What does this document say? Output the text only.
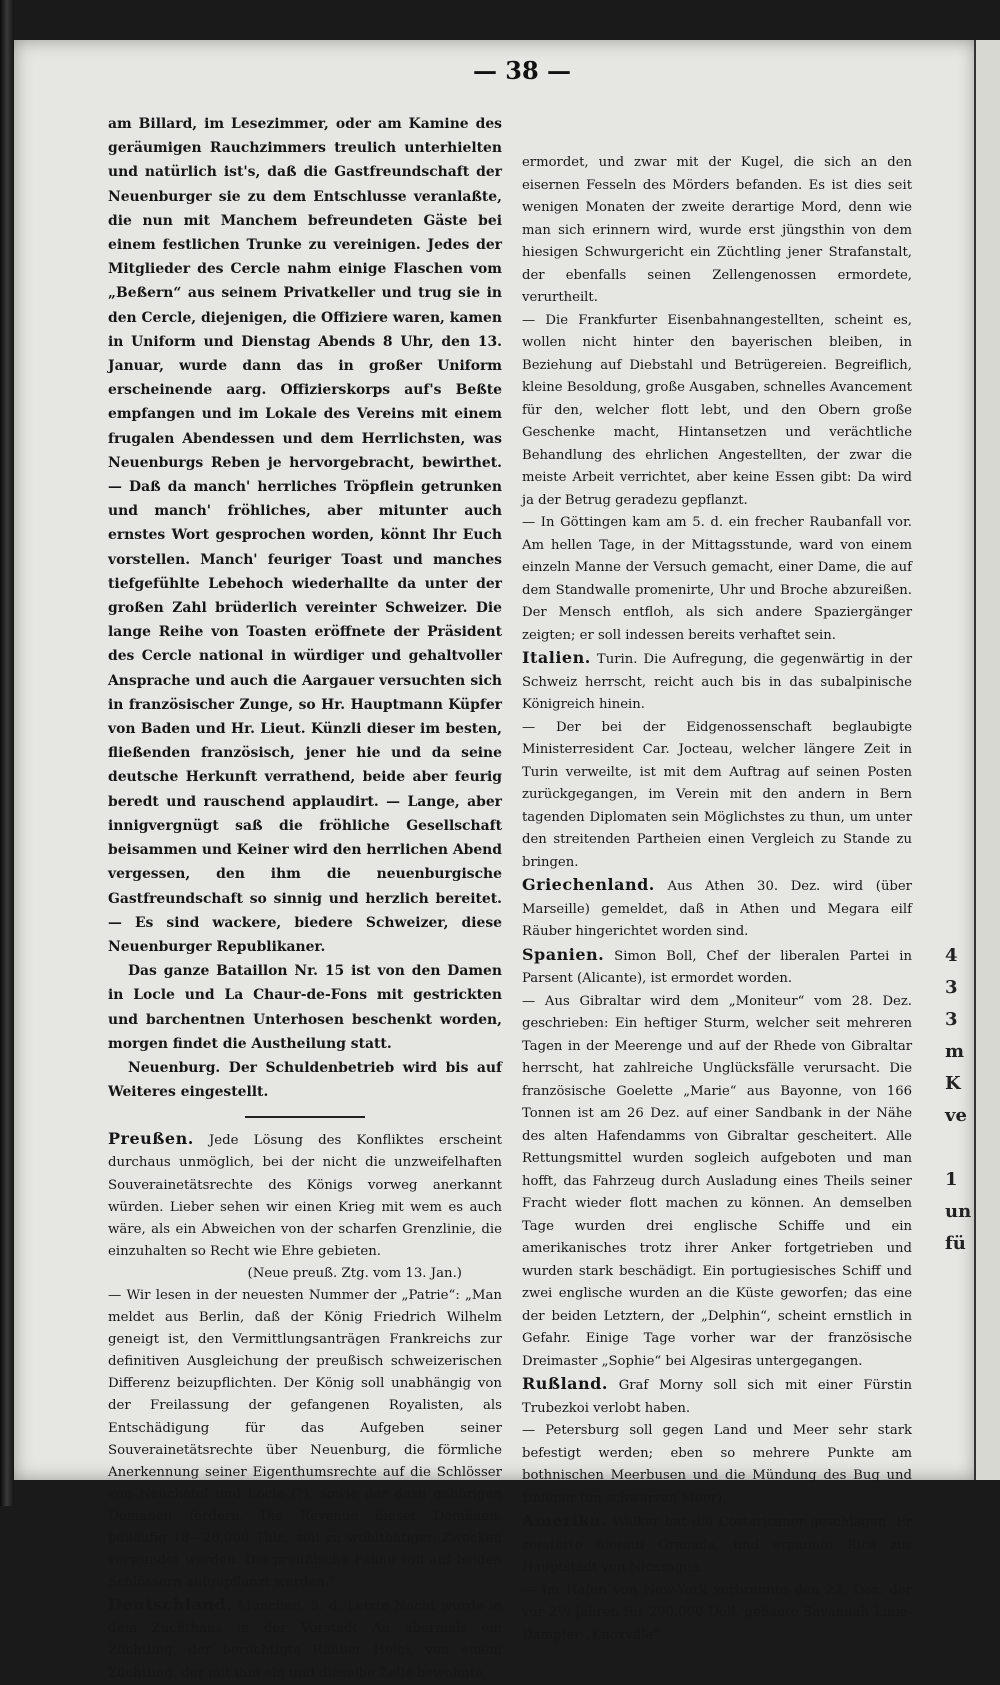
— 38 —

am Billard, im Lesezimmer, oder am Kamine des geräumigen Rauchzimmers treulich unterhielten und natürlich ist's, daß die Gastfreundschaft der Neuenburger sie zu dem Entschlusse veranlaßte, die nun mit Manchem befreundeten Gäste bei einem festlichen Trunke zu vereinigen. Jedes der Mitglieder des Cercle nahm einige Flaschen vom „Beßern“ aus seinem Privatkeller und trug sie in den Cercle, diejenigen, die Offiziere waren, kamen in Uniform und Dienstag Abends 8 Uhr, den 13. Januar, wurde dann das in großer Uniform erscheinende aarg. Offizierskorps auf's Beßte empfangen und im Lokale des Vereins mit einem frugalen Abendessen und dem Herrlichsten, was Neuenburgs Reben je hervorgebracht, bewirthet. — Daß da manch' herrliches Tröpflein getrunken und manch' fröhliches, aber mitunter auch ernstes Wort gesprochen worden, könnt Ihr Euch vorstellen. Manch' feuriger Toast und manches tiefgefühlte Lebehoch wiederhallte da unter der großen Zahl brüderlich vereinter Schweizer. Die lange Reihe von Toasten eröffnete der Präsident des Cercle national in würdiger und gehaltvoller Ansprache und auch die Aargauer versuchten sich in französischer Zunge, so Hr. Hauptmann Küpfer von Baden und Hr. Lieut. Künzli dieser im besten, fließenden französisch, jener hie und da seine deutsche Herkunft verrathend, beide aber feurig beredt und rauschend applaudirt. — Lange, aber innigvergnügt saß die fröhliche Gesellschaft beisammen und Keiner wird den herrlichen Abend vergessen, den ihm die neuenburgische Gastfreundschaft so sinnig und herzlich bereitet. — Es sind wackere, biedere Schweizer, diese Neuenburger Republikaner.

Das ganze Bataillon Nr. 15 ist von den Damen in Locle und La Chaur-de-Fons mit gestrickten und barchentnen Unterhosen beschenkt worden, morgen findet die Austheilung statt.

Neuenburg. Der Schuldenbetrieb wird bis auf Weiteres eingestellt.

Preußen. Jede Lösung des Konfliktes erscheint durchaus unmöglich, bei der nicht die unzweifelhaften Souverainetätsrechte des Königs vorweg anerkannt würden. Lieber sehen wir einen Krieg mit wem es auch wäre, als ein Abweichen von der scharfen Grenzlinie, die einzuhalten so Recht wie Ehre gebieten.

(Neue preuß. Ztg. vom 13. Jan.)

— Wir lesen in der neuesten Nummer der „Patrie“: „Man meldet aus Berlin, daß der König Friedrich Wilhelm geneigt ist, den Vermittlungsanträgen Frankreichs zur definitiven Ausgleichung der preußisch schweizerischen Differenz beizupflichten. Der König soll unabhängig von der Freilassung der gefangenen Royalisten, als Entschädigung für das Aufgeben seiner Souverainetätsrechte über Neuenburg, die förmliche Anerkennung seiner Eigenthumsrechte auf die Schlösser von Neuchatel und Locle (?), sowie der dazu gehörigen Domänen fordern. Die Revenue dieser Domänen, beiläufig 18—20,000 Thlr., soll zu wohlthätigen Zwecken verwendet werden. Die preußische Fahne soll auf beiden Schlössern aufgepflanzt werden.“

Deutschland. München, 5. d. Letzte Nacht wurde in dem Zuchthaus in der Vorstadt Au abermals ein Züchtling, der berüchtigte Räuber Heigl, von einem Züchtling, der mit ihm ein und dieselbe Zelle bewohnte,

ermordet, und zwar mit der Kugel, die sich an den eisernen Fesseln des Mörders befanden. Es ist dies seit wenigen Monaten der zweite derartige Mord, denn wie man sich erinnern wird, wurde erst jüngsthin von dem hiesigen Schwurgericht ein Züchtling jener Strafanstalt, der ebenfalls seinen Zellengenossen ermordete, verurtheilt.

— Die Frankfurter Eisenbahnangestellten, scheint es, wollen nicht hinter den bayerischen bleiben, in Beziehung auf Diebstahl und Betrügereien. Begreiflich, kleine Besoldung, große Ausgaben, schnelles Avancement für den, welcher flott lebt, und den Obern große Geschenke macht, Hintansetzen und verächtliche Behandlung des ehrlichen Angestellten, der zwar die meiste Arbeit verrichtet, aber keine Essen gibt: Da wird ja der Betrug geradezu gepflanzt.

— In Göttingen kam am 5. d. ein frecher Raubanfall vor. Am hellen Tage, in der Mittagsstunde, ward von einem einzeln Manne der Versuch gemacht, einer Dame, die auf dem Standwalle promenirte, Uhr und Broche abzureißen. Der Mensch entfloh, als sich andere Spaziergänger zeigten; er soll indessen bereits verhaftet sein.

Italien. Turin. Die Aufregung, die gegenwärtig in der Schweiz herrscht, reicht auch bis in das subalpinische Königreich hinein.

— Der bei der Eidgenossenschaft beglaubigte Ministerresident Car. Jocteau, welcher längere Zeit in Turin verweilte, ist mit dem Auftrag auf seinen Posten zurückgegangen, im Verein mit den andern in Bern tagenden Diplomaten sein Möglichstes zu thun, um unter den streitenden Partheien einen Vergleich zu Stande zu bringen.

Griechenland. Aus Athen 30. Dez. wird (über Marseille) gemeldet, daß in Athen und Megara eilf Räuber hingerichtet worden sind.

Spanien. Simon Boll, Chef der liberalen Partei in Parsent (Alicante), ist ermordet worden.

— Aus Gibraltar wird dem „Moniteur“ vom 28. Dez. geschrieben: Ein heftiger Sturm, welcher seit mehreren Tagen in der Meerenge und auf der Rhede von Gibraltar herrscht, hat zahlreiche Unglücksfälle verursacht. Die französische Goelette „Marie“ aus Bayonne, von 166 Tonnen ist am 26 Dez. auf einer Sandbank in der Nähe des alten Hafendamms von Gibraltar gescheitert. Alle Rettungsmittel wurden sogleich aufgeboten und man hofft, das Fahrzeug durch Ausladung eines Theils seiner Fracht wieder flott machen zu können. An demselben Tage wurden drei englische Schiffe und ein amerikanisches trotz ihrer Anker fortgetrieben und wurden stark beschädigt. Ein portugiesisches Schiff und zwei englische wurden an die Küste geworfen; das eine der beiden Letztern, der „Delphin“, scheint ernstlich in Gefahr. Einige Tage vorher war der französische Dreimaster „Sophie“ bei Algesiras untergegangen.

Rußland. Graf Morny soll sich mit einer Fürstin Trubezkoi verlobt haben.

— Petersburg soll gegen Land und Meer sehr stark befestigt werden; eben so mehrere Punkte am bothnischen Meerbusen und die Mündung des Bug und Dnieper (im schwarzen Meer).

Amerika. Walker hat die Costaricaner geschlagen. Er zerstörte hierauf Granada, und ernannte Rica zur Hauptstadt von Nicaragua.

— Im Hafen von New-York verbrannte den 22. Dez. der vor 2½ Jahren für 200,000 Doll. gebaute Savannah Linie-Dampfer „Knoxville“.

4
3
3
m
K
ve

1
un
fü
